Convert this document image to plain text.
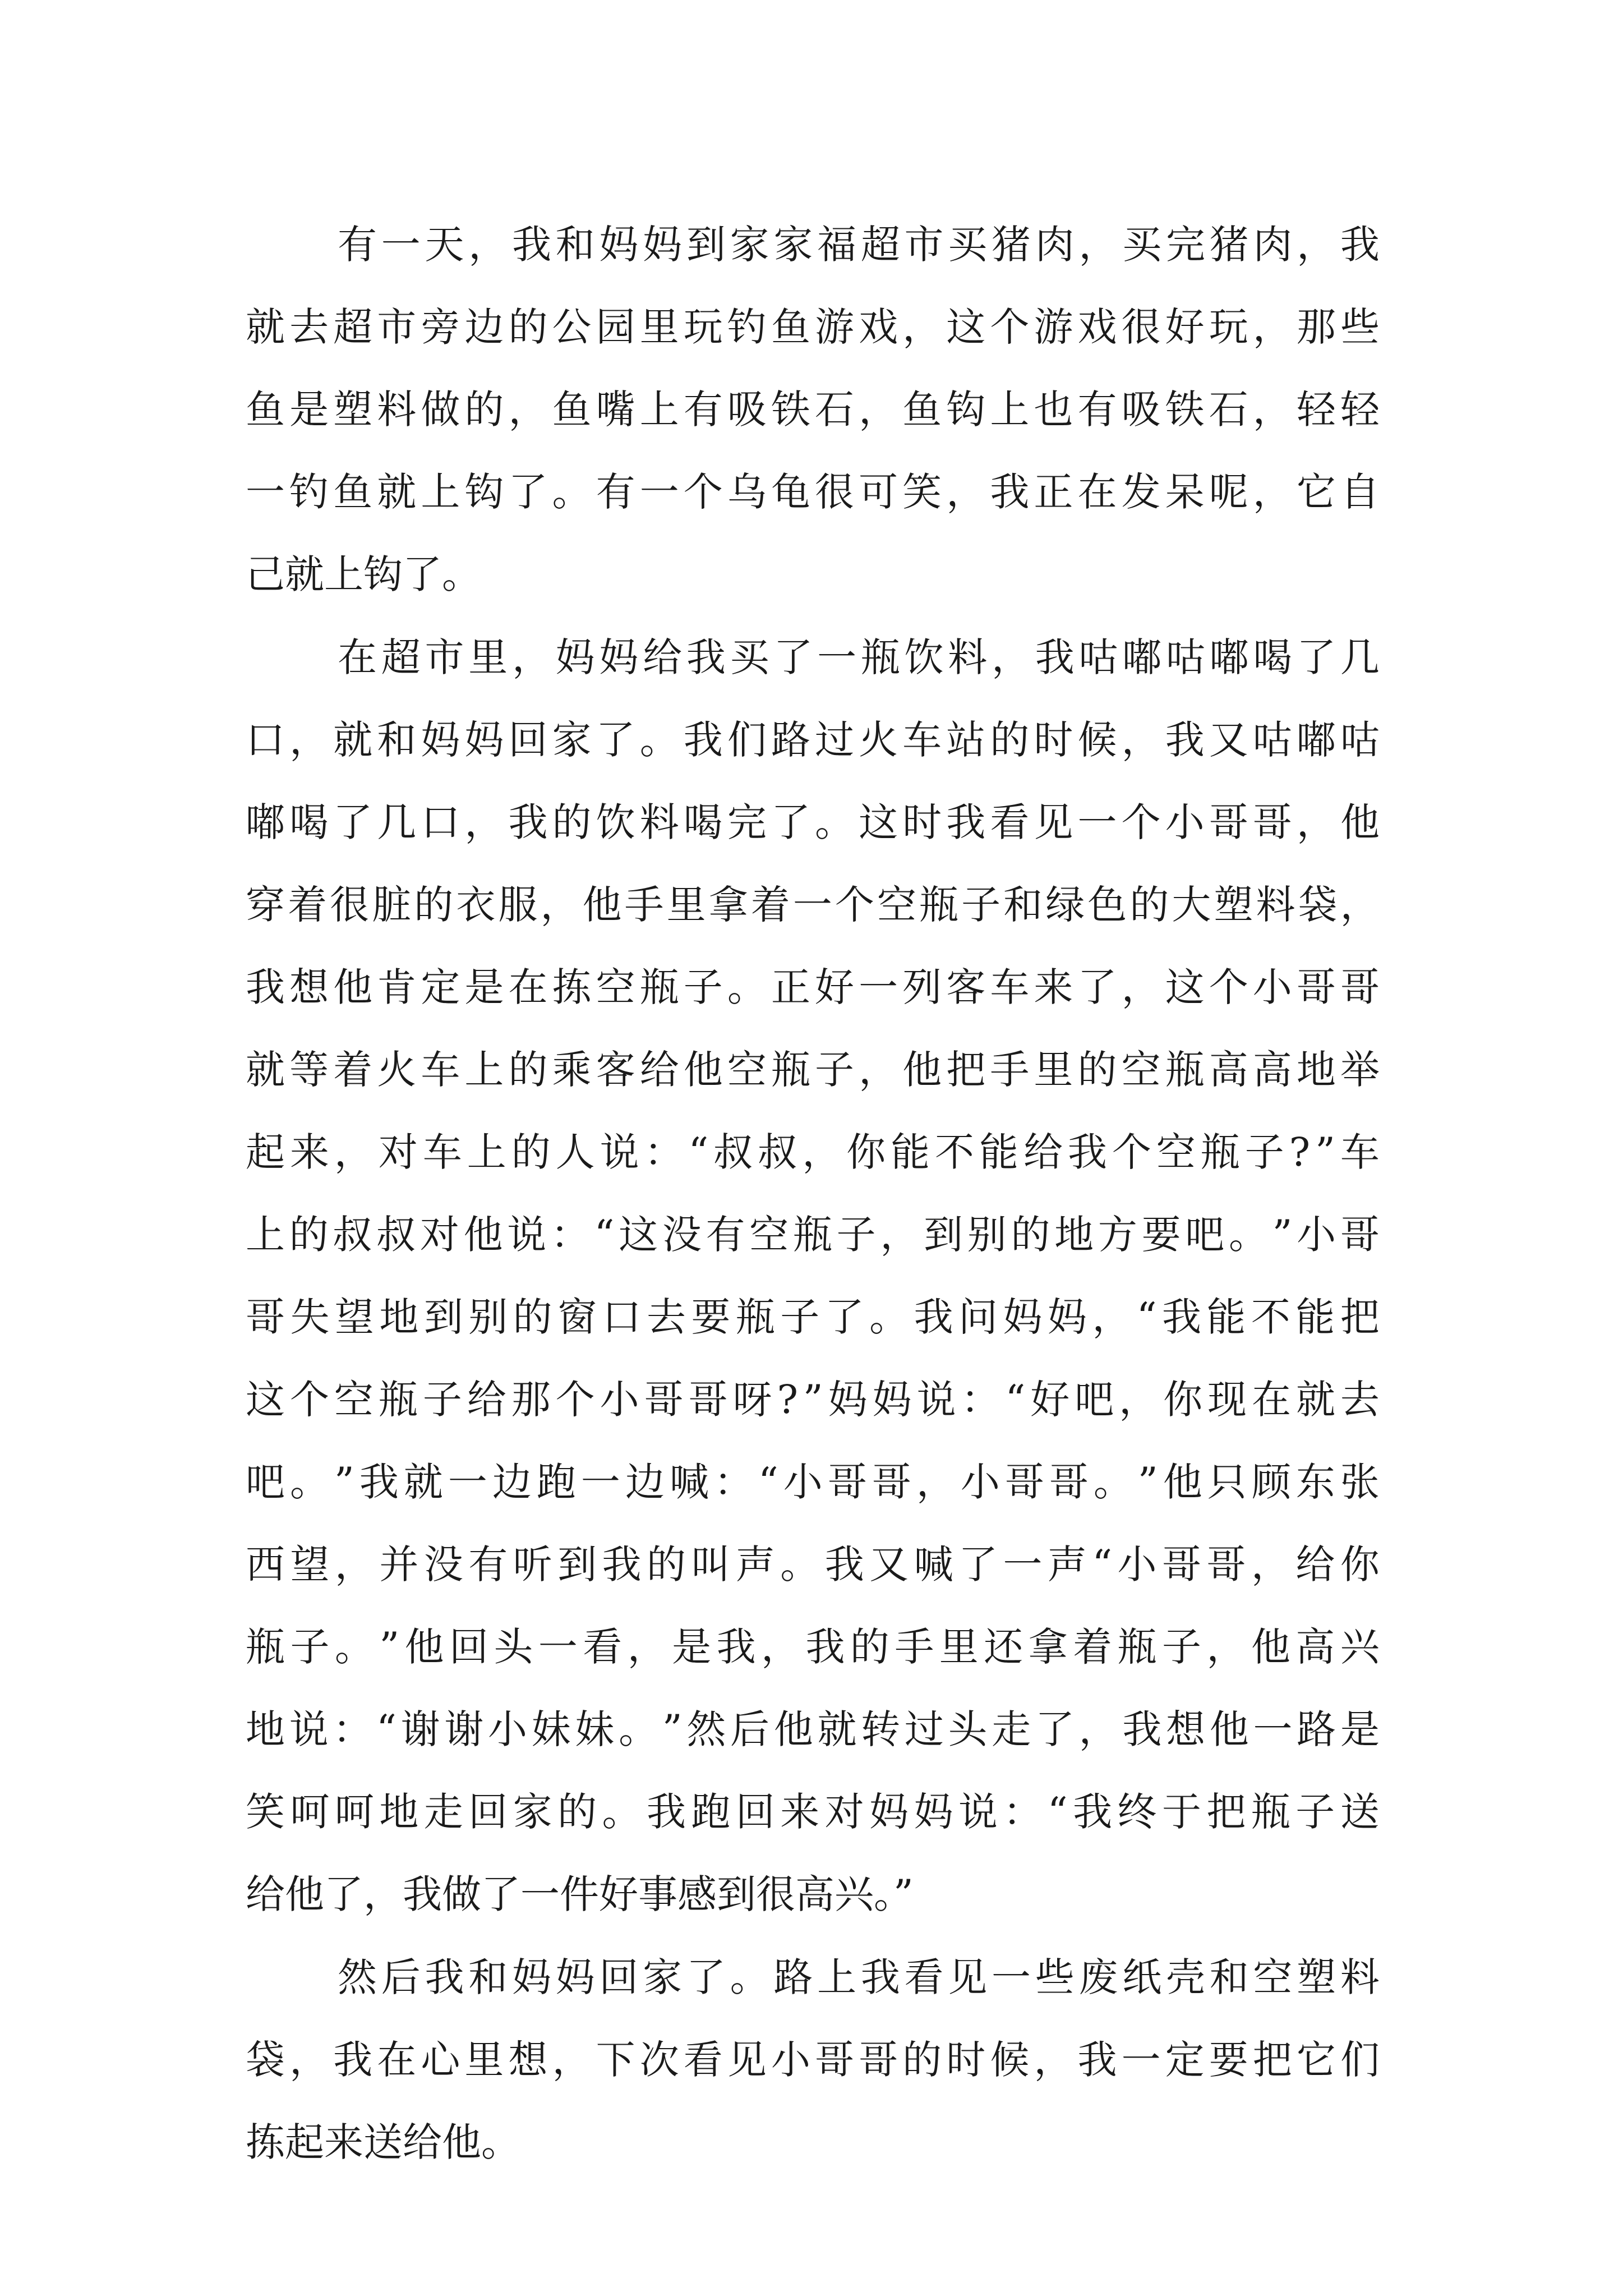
有 一 天 ， 我 和 妈 妈 到 家 家 福 超 市 买 猪 肉 ， 买 完 猪 肉 ， 我
就 去 超 市 旁 边 的 公 园 里 玩 钓 鱼 游 戏 ， 这 个 游 戏 很 好 玩 ， 那 些
鱼 是 塑 料 做 的 ， 鱼 嘴 上 有 吸 铁 石 ， 鱼 钩 上 也 有 吸 铁 石 ， 轻 轻
一 钓 鱼 就 上 钩 了 。 有 一 个 乌 龟 很 可 笑 ， 我 正 在 发 呆 呢 ， 它 自
己就上钩了。
在 超 市 里 ， 妈 妈 给 我 买 了 一 瓶 饮 料 ， 我 咕 嘟 咕 嘟 喝 了 几
口 ， 就 和 妈 妈 回 家 了 。 我 们 路 过 火 车 站 的 时 候 ， 我 又 咕 嘟 咕
嘟 喝 了 几 口 ， 我 的 饮 料 喝 完 了 。 这 时 我 看 见 一 个 小 哥 哥 ， 他
穿 着 很 脏 的 衣 服 ， 他 手 里 拿 着 一 个 空 瓶 子 和 绿 色 的 大 塑 料 袋 ，
我 想 他 肯 定 是 在 拣 空 瓶 子 。 正 好 一 列 客 车 来 了 ， 这 个 小 哥 哥
就 等 着 火 车 上 的 乘 客 给 他 空 瓶 子 ， 他 把 手 里 的 空 瓶 高 高 地 举
起 来 ， 对 车 上 的 人 说 ： “ 叔 叔 ， 你 能 不 能 给 我 个 空 瓶 子 ? ” 车
上 的 叔 叔 对 他 说 ： “ 这 没 有 空 瓶 子 ， 到 别 的 地 方 要 吧 。 ” 小 哥
哥 失 望 地 到 别 的 窗 口 去 要 瓶 子 了 。 我 问 妈 妈 ， “ 我 能 不 能 把
这 个 空 瓶 子 给 那 个 小 哥 哥 呀 ? ” 妈 妈 说 ： “ 好 吧 ， 你 现 在 就 去
吧 。 ” 我 就 一 边 跑 一 边 喊 ： “ 小 哥 哥 ， 小 哥 哥 。 ” 他 只 顾 东 张
西 望 ， 并 没 有 听 到 我 的 叫 声 。 我 又 喊 了 一 声 “ 小 哥 哥 ， 给 你
瓶 子 。 ” 他 回 头 一 看 ， 是 我 ， 我 的 手 里 还 拿 着 瓶 子 ， 他 高 兴
地 说 ： “ 谢 谢 小 妹 妹 。 ” 然 后 他 就 转 过 头 走 了 ， 我 想 他 一 路 是
笑 呵 呵 地 走 回 家 的 。 我 跑 回 来 对 妈 妈 说 ： “ 我 终 于 把 瓶 子 送
给他了，我做了一件好事感到很高兴。”
然 后 我 和 妈 妈 回 家 了 。 路 上 我 看 见 一 些 废 纸 壳 和 空 塑 料
袋 ， 我 在 心 里 想 ， 下 次 看 见 小 哥 哥 的 时 候 ， 我 一 定 要 把 它 们
拣起来送给他。
